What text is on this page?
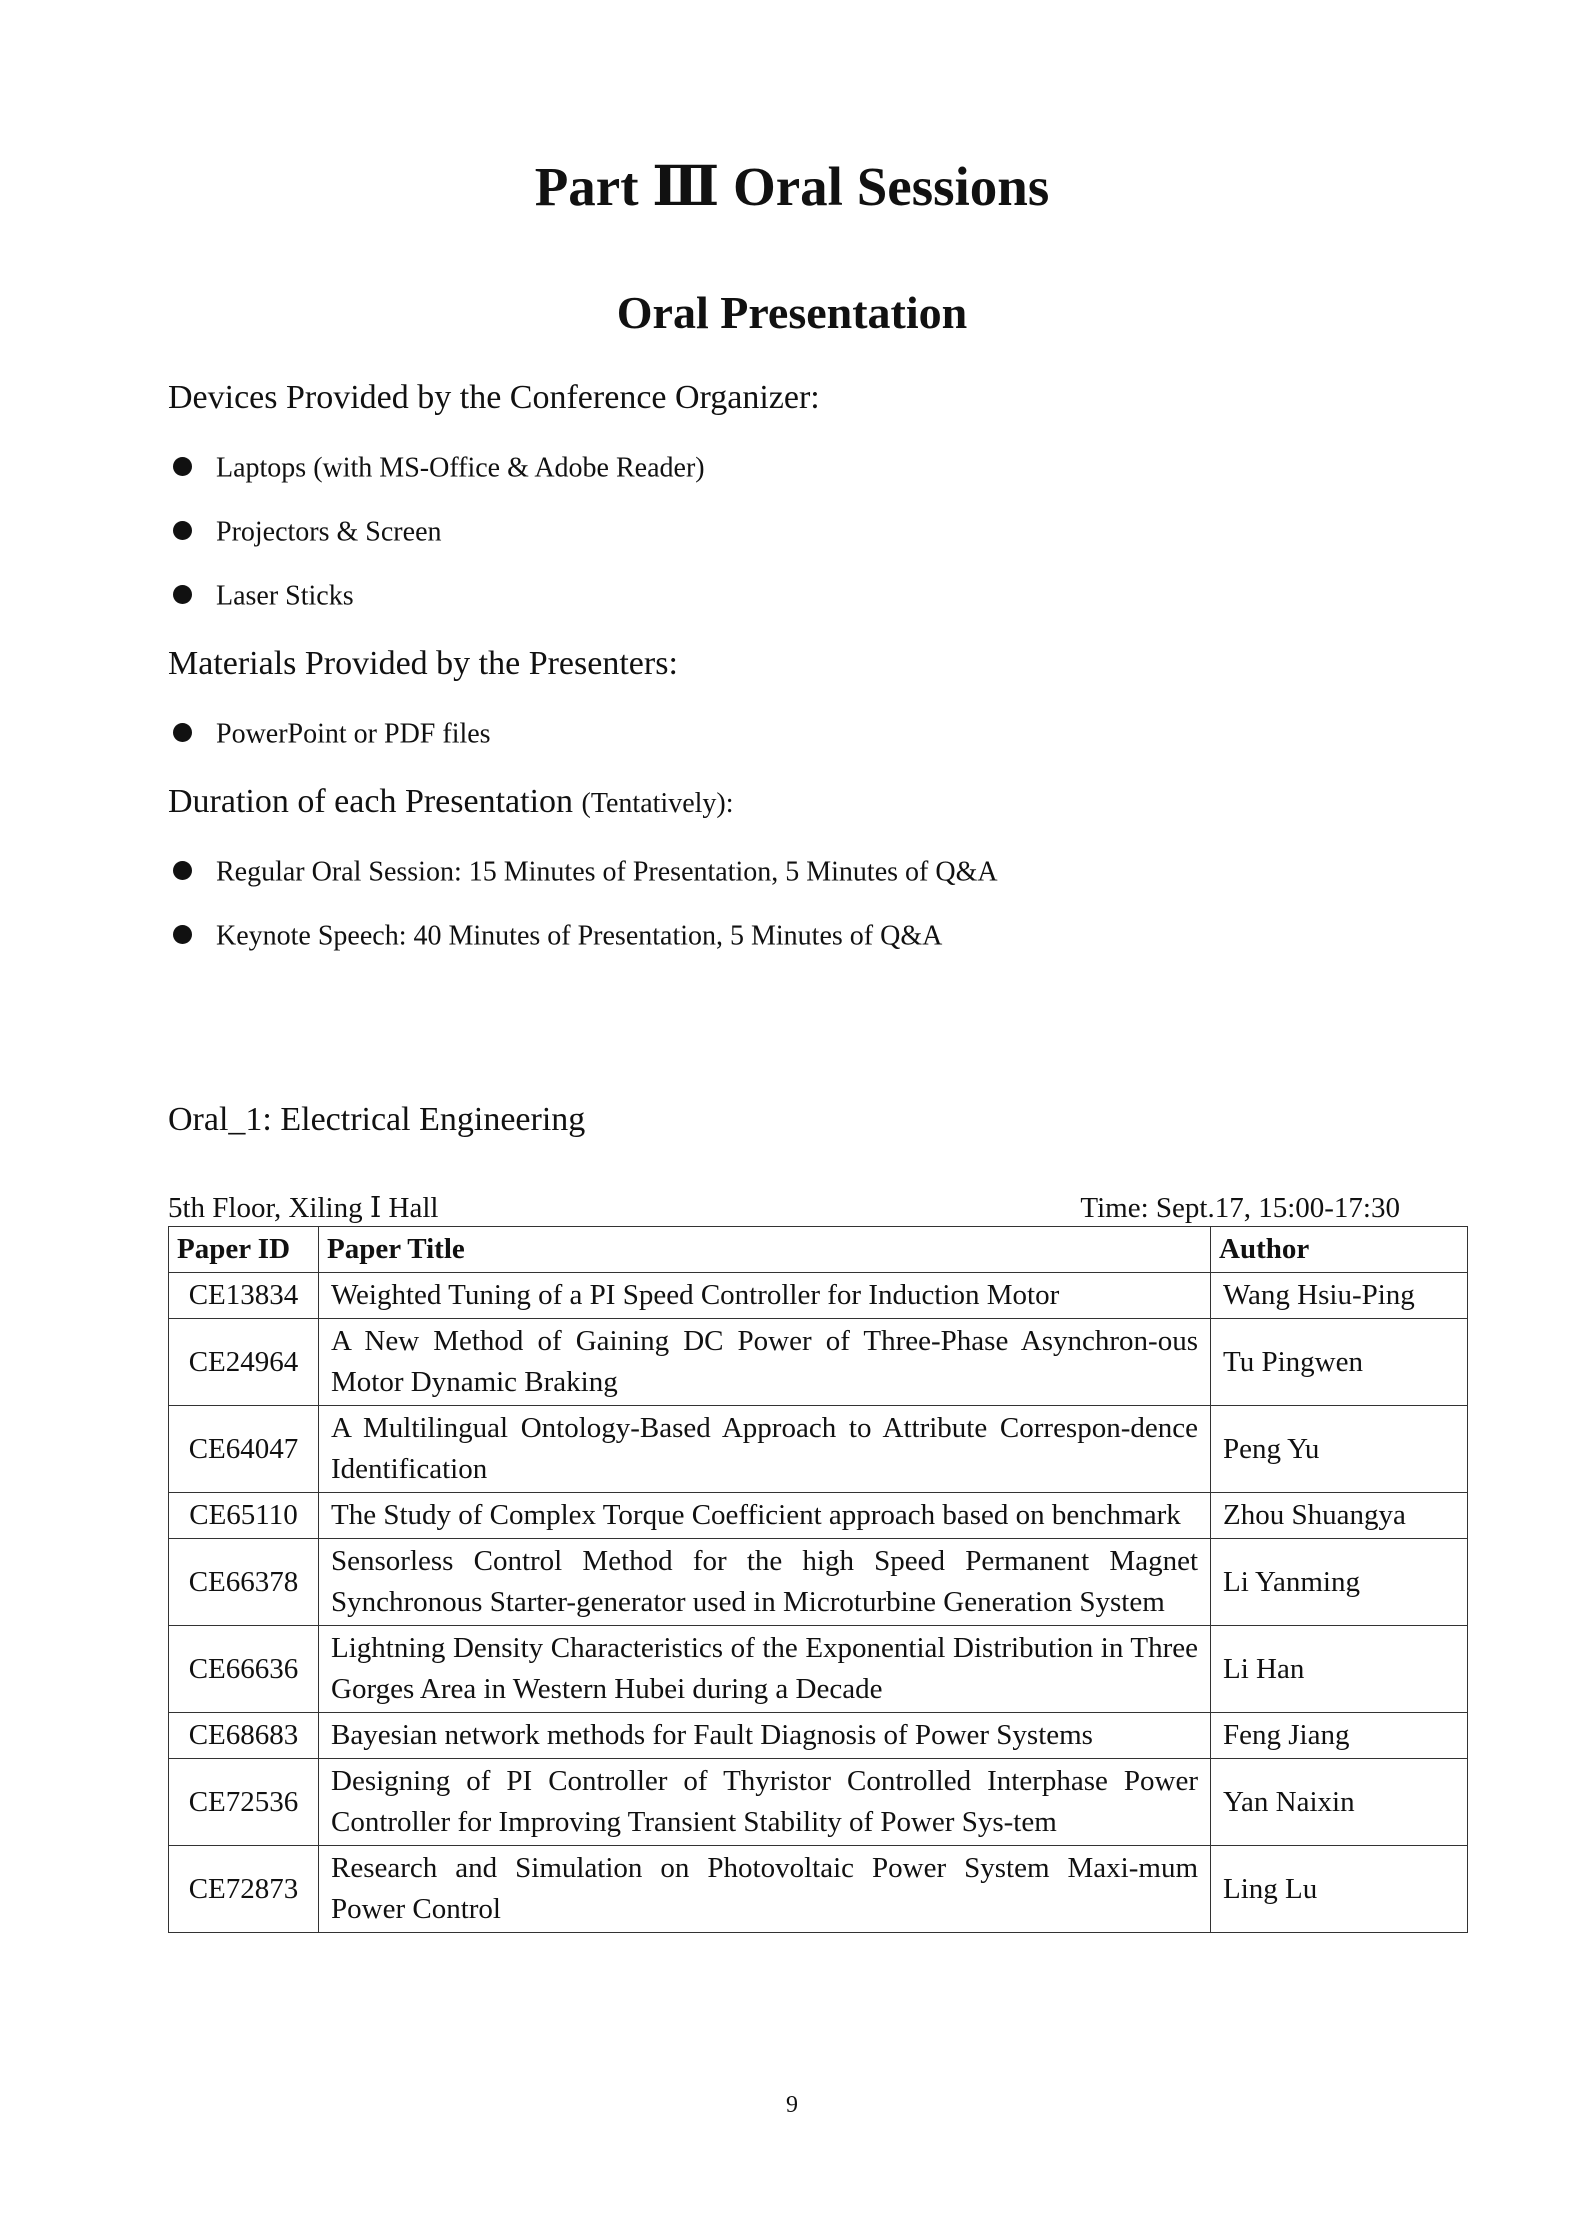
Part Ⅲ Oral Sessions
Oral Presentation
Devices Provided by the Conference Organizer:
Laptops (with MS-Office & Adobe Reader)
Projectors & Screen
Laser Sticks
Materials Provided by the Presenters:
PowerPoint or PDF files
Duration of each Presentation (Tentatively):
Regular Oral Session: 15 Minutes of Presentation, 5 Minutes of Q&A
Keynote Speech: 40 Minutes of Presentation, 5 Minutes of Q&A
Oral_1: Electrical Engineering
5th Floor, Xiling Ⅰ Hall	Time: Sept.17, 15:00-17:30
Paper ID	Paper Title	Author
CE13834	Weighted Tuning of a PI Speed Controller for Induction Motor	Wang Hsiu-Ping
CE24964	A New Method of Gaining DC Power of Three-Phase Asynchron-ous Motor Dynamic Braking	Tu Pingwen
CE64047	A Multilingual Ontology-Based Approach to Attribute Correspon-dence Identification	Peng Yu
CE65110	The Study of Complex Torque Coefficient approach based on benchmark	Zhou Shuangya
CE66378	Sensorless Control Method for the high Speed Permanent Magnet Synchronous Starter-generator used in Microturbine Generation System	Li Yanming
CE66636	Lightning Density Characteristics of the Exponential Distribution in Three Gorges Area in Western Hubei during a Decade	Li Han
CE68683	Bayesian network methods for Fault Diagnosis of Power Systems	Feng Jiang
CE72536	Designing of PI Controller of Thyristor Controlled Interphase Power Controller for Improving Transient Stability of Power Sys-tem	Yan Naixin
CE72873	Research and Simulation on Photovoltaic Power System Maxi-mum Power Control	Ling Lu
9
